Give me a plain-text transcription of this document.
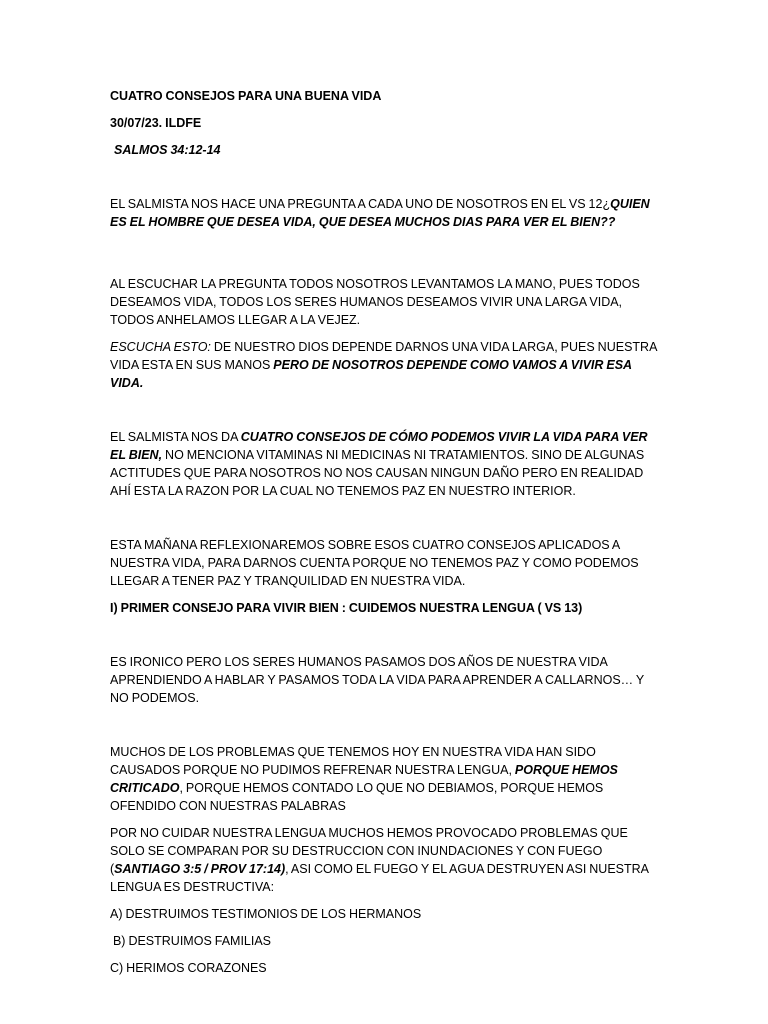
CUATRO CONSEJOS PARA UNA BUENA VIDA

30/07/23. ILDFE

SALMOS 34:12-14

EL SALMISTA NOS HACE UNA PREGUNTA A CADA UNO DE NOSOTROS EN EL VS 12¿QUIEN ES EL HOMBRE QUE DESEA VIDA, QUE DESEA MUCHOS DIAS PARA VER EL BIEN??

AL ESCUCHAR LA PREGUNTA TODOS NOSOTROS LEVANTAMOS LA MANO, PUES TODOS DESEAMOS VIDA, TODOS LOS SERES HUMANOS DESEAMOS VIVIR UNA LARGA VIDA, TODOS ANHELAMOS LLEGAR A LA VEJEZ.

ESCUCHA ESTO: DE NUESTRO DIOS DEPENDE DARNOS UNA VIDA LARGA, PUES NUESTRA VIDA ESTA EN SUS MANOS PERO DE NOSOTROS DEPENDE COMO VAMOS A VIVIR ESA VIDA.

EL SALMISTA NOS DA CUATRO CONSEJOS DE CÓMO PODEMOS VIVIR LA VIDA PARA VER EL BIEN, NO MENCIONA VITAMINAS NI MEDICINAS NI TRATAMIENTOS. SINO DE ALGUNAS ACTITUDES QUE PARA NOSOTROS NO NOS CAUSAN NINGUN DAÑO PERO EN REALIDAD AHÍ ESTA LA RAZON POR LA CUAL NO TENEMOS PAZ EN NUESTRO INTERIOR.

ESTA MAÑANA REFLEXIONAREMOS SOBRE ESOS CUATRO CONSEJOS APLICADOS A NUESTRA VIDA, PARA DARNOS CUENTA PORQUE NO TENEMOS PAZ Y COMO PODEMOS LLEGAR A TENER PAZ Y TRANQUILIDAD EN NUESTRA VIDA.

I) PRIMER CONSEJO PARA VIVIR BIEN : CUIDEMOS NUESTRA LENGUA ( VS 13)

ES IRONICO PERO LOS SERES HUMANOS PASAMOS DOS AÑOS DE NUESTRA VIDA APRENDIENDO A HABLAR Y PASAMOS TODA LA VIDA PARA APRENDER A CALLARNOS… Y NO PODEMOS.

MUCHOS DE LOS PROBLEMAS QUE TENEMOS HOY EN NUESTRA VIDA HAN SIDO CAUSADOS PORQUE NO PUDIMOS REFRENAR NUESTRA LENGUA, PORQUE HEMOS CRITICADO, PORQUE HEMOS CONTADO LO QUE NO DEBIAMOS, PORQUE HEMOS OFENDIDO CON NUESTRAS PALABRAS

POR NO CUIDAR NUESTRA LENGUA MUCHOS HEMOS PROVOCADO PROBLEMAS QUE SOLO SE COMPARAN POR SU DESTRUCCION CON INUNDACIONES Y CON FUEGO (SANTIAGO 3:5 / PROV 17:14), ASI COMO EL FUEGO Y EL AGUA DESTRUYEN ASI NUESTRA LENGUA ES DESTRUCTIVA:

A) DESTRUIMOS TESTIMONIOS DE LOS HERMANOS

B) DESTRUIMOS FAMILIAS

C) HERIMOS CORAZONES
